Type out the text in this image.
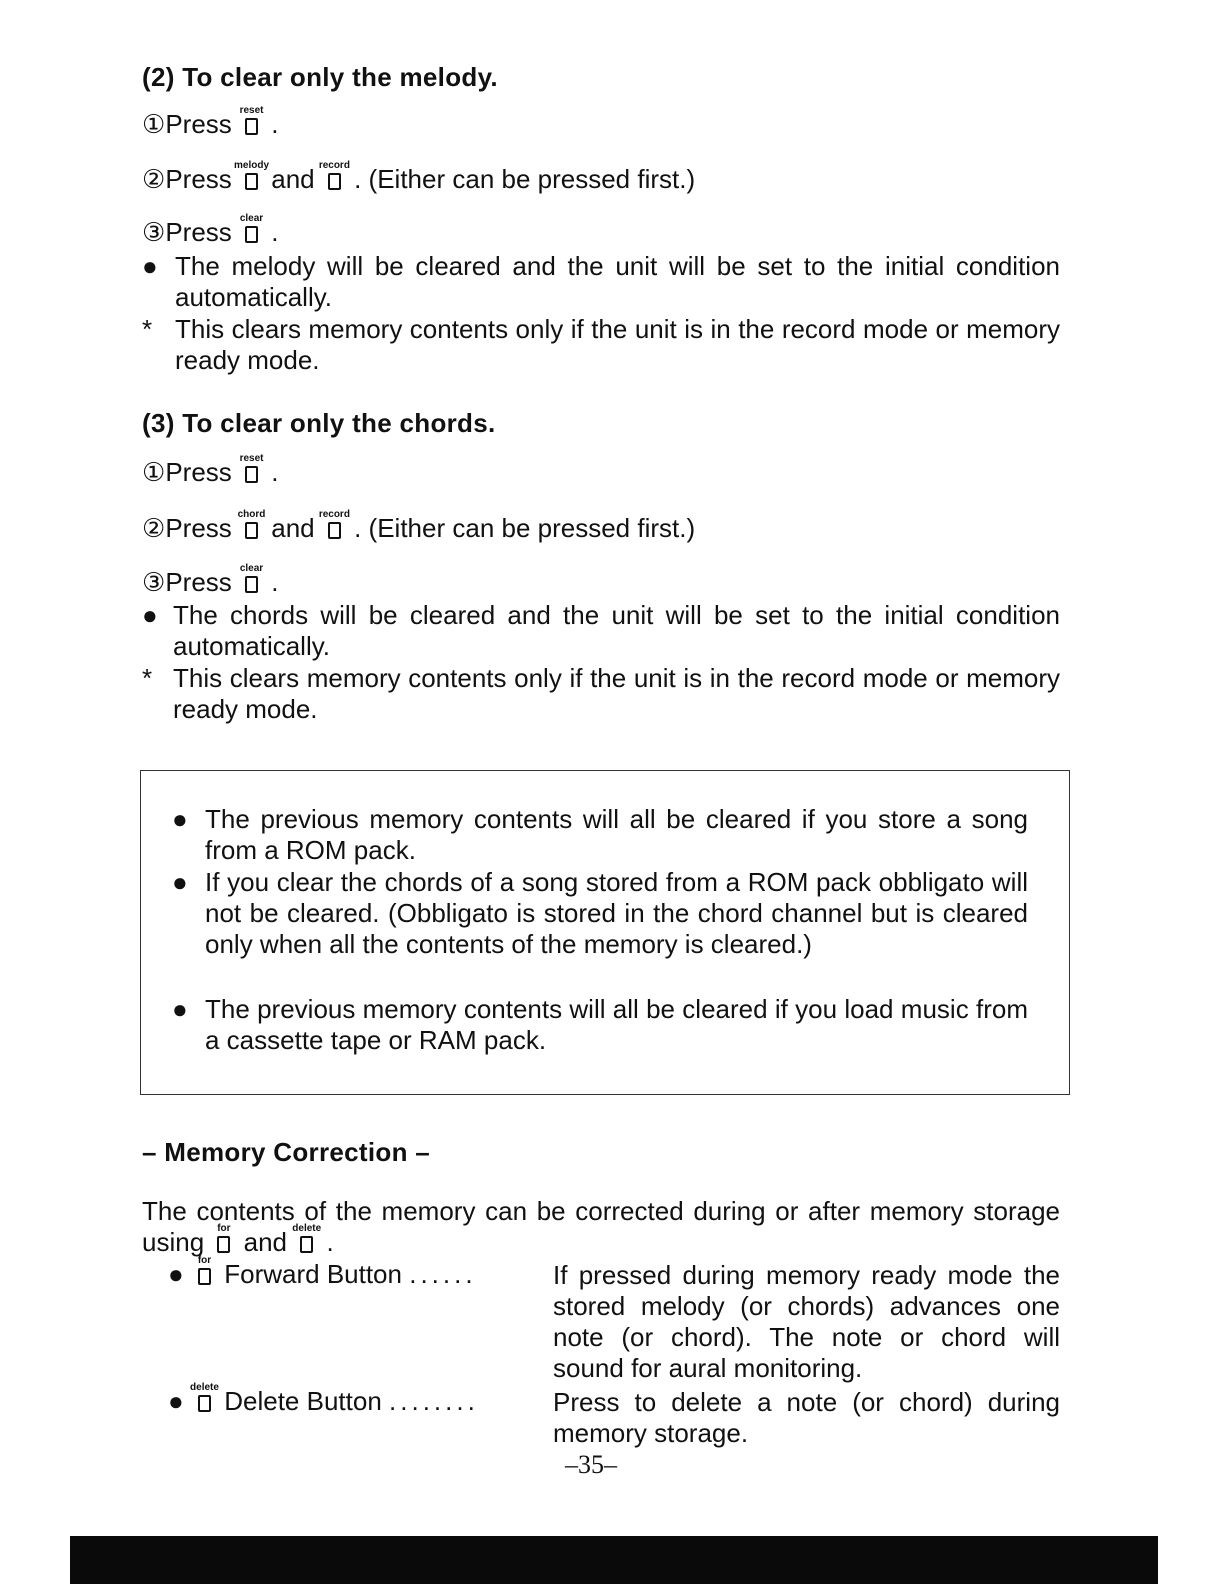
(2) To clear only the melody.
①Press reset .
②Press melody and record . (Either can be pressed first.)
③Press clear .
● The melody will be cleared and the unit will be set to the initial condition automatically.
* This clears memory contents only if the unit is in the record mode or memory ready mode.
(3) To clear only the chords.
①Press reset .
②Press chord and record . (Either can be pressed first.)
③Press clear .
● The chords will be cleared and the unit will be set to the initial condition automatically.
* This clears memory contents only if the unit is in the record mode or memory ready mode.
● The previous memory contents will all be cleared if you store a song from a ROM pack.
● If you clear the chords of a song stored from a ROM pack obbligato will not be cleared. (Obbligato is stored in the chord channel but is cleared only when all the contents of the memory is cleared.)
● The previous memory contents will all be cleared if you load music from a cassette tape or RAM pack.
– Memory Correction –
The contents of the memory can be corrected during or after memory storage using for and delete .
● for Forward Button ......	If pressed during memory ready mode the stored melody (or chords) advances one note (or chord). The note or chord will sound for aural monitoring.
● delete Delete Button ........	Press to delete a note (or chord) during memory storage.
–35–
